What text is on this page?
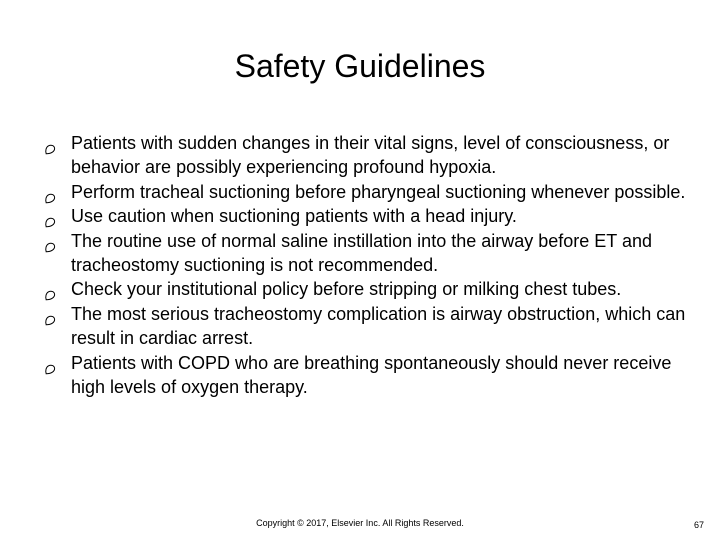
Safety Guidelines
Patients with sudden changes in their vital signs, level of consciousness, or behavior are possibly experiencing profound hypoxia.
Perform tracheal suctioning before pharyngeal suctioning whenever possible.
Use caution when suctioning patients with a head injury.
The routine use of normal saline instillation into the airway before ET and tracheostomy suctioning is not recommended.
Check your institutional policy before stripping or milking chest tubes.
The most serious tracheostomy complication is airway obstruction, which can result in cardiac arrest.
Patients with COPD who are breathing spontaneously should never receive high levels of oxygen therapy.
Copyright © 2017, Elsevier Inc. All Rights Reserved.	67
